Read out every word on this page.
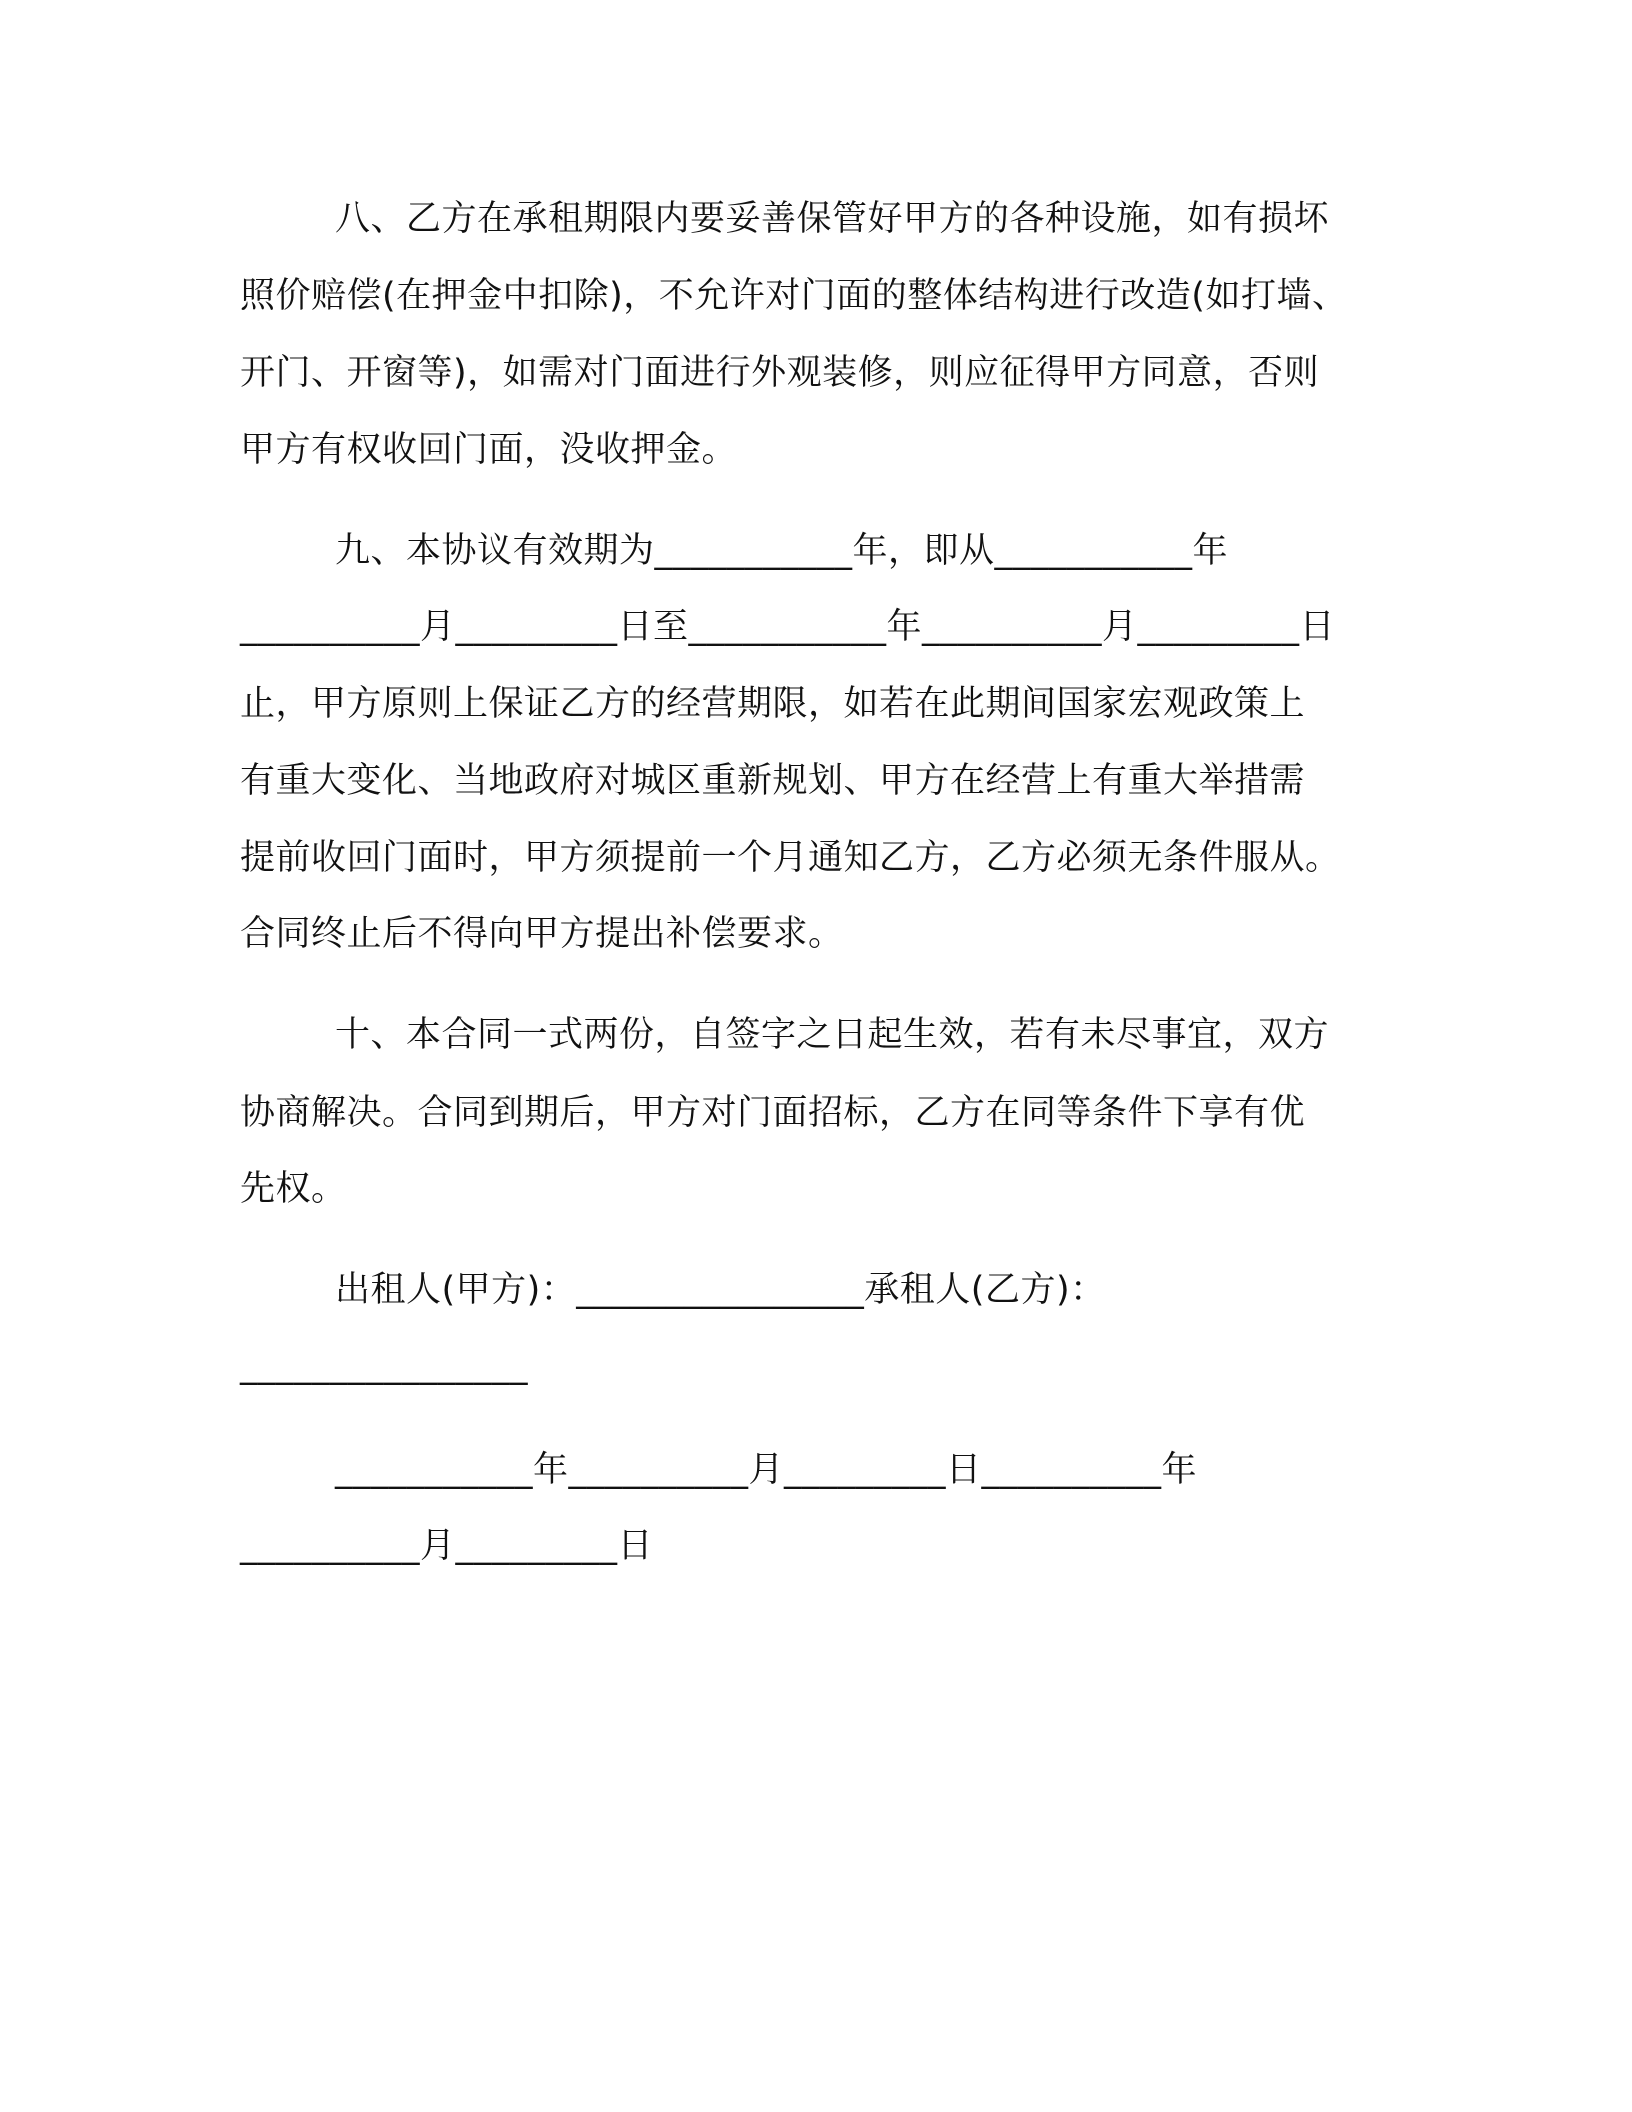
八、乙方在承租期限内要妥善保管好甲方的各种设施，如有损坏
照价赔偿(在押金中扣除)，不允许对门面的整体结构进行改造(如打墙、
开门、开窗等)，如需对门面进行外观装修，则应征得甲方同意，否则
甲方有权收回门面，没收押金。
九、本协议有效期为___________年，即从___________年
__________月_________日至___________年__________月_________日
止，甲方原则上保证乙方的经营期限，如若在此期间国家宏观政策上
有重大变化、当地政府对城区重新规划、甲方在经营上有重大举措需
提前收回门面时，甲方须提前一个月通知乙方，乙方必须无条件服从。
合同终止后不得向甲方提出补偿要求。
十、本合同一式两份，自签字之日起生效，若有未尽事宜，双方
协商解决。合同到期后，甲方对门面招标，乙方在同等条件下享有优
先权。
出租人(甲方)：________________承租人(乙方)：
________________
___________年__________月_________日__________年
__________月_________日
